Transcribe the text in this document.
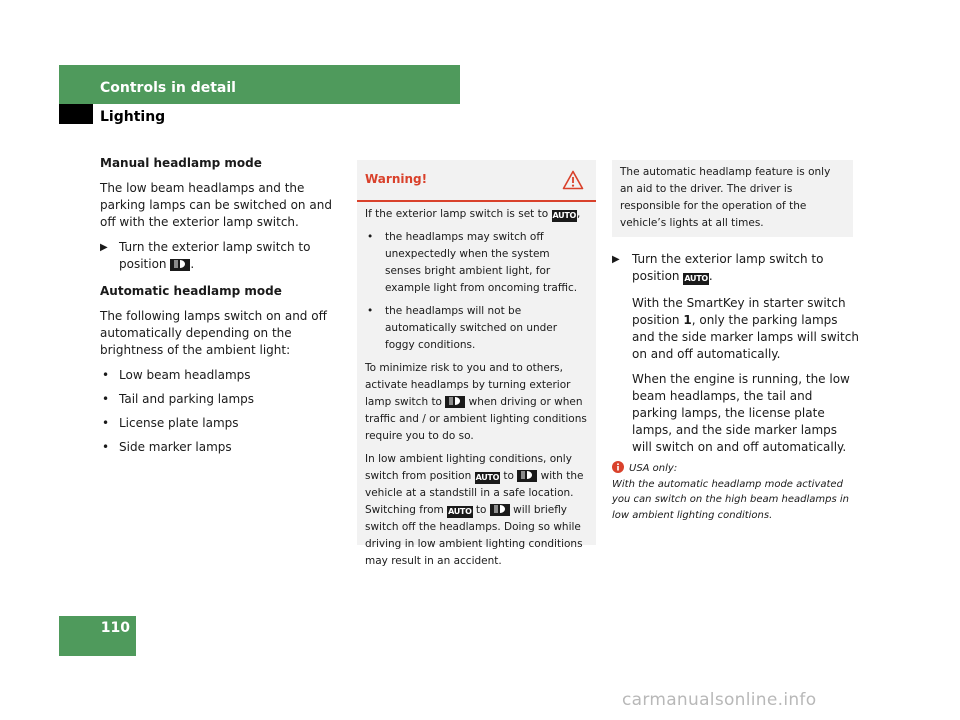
Controls in detail
Lighting

Manual headlamp mode

The low beam headlamps and the parking lamps can be switched on and off with the exterior lamp switch.

▶ Turn the exterior lamp switch to position .

Automatic headlamp mode

The following lamps switch on and off automatically depending on the brightness of the ambient light:

• Low beam headlamps
• Tail and parking lamps
• License plate lamps
• Side marker lamps
Warning!

If the exterior lamp switch is set to AUTO,

• the headlamps may switch off unexpectedly when the system senses bright ambient light, for example light from oncoming traffic.
• the headlamps will not be automatically switched on under foggy conditions.

To minimize risk to you and to others, activate headlamps by turning exterior lamp switch to	when driving or when traffic and / or ambient lighting conditions require you to do so.

In low ambient lighting conditions, only switch from position AUTO to	with the vehicle at a standstill in a safe location. Switching from AUTO to	will briefly switch off the headlamps. Doing so while driving in low ambient lighting conditions may result in an accident.

The automatic headlamp feature is only an aid to the driver. The driver is responsible for the operation of the vehicle’s lights at all times.
▶ Turn the exterior lamp switch to position AUTO.

With the SmartKey in starter switch position 1, only the parking lamps and the side marker lamps will switch on and off automatically.

When the engine is running, the low beam headlamps, the tail and parking lamps, the license plate lamps, and the side marker lamps will switch on and off automatically.

USA only:
With the automatic headlamp mode activated you can switch on the high beam headlamps in low ambient lighting conditions.
110
carmanualsonline.info
